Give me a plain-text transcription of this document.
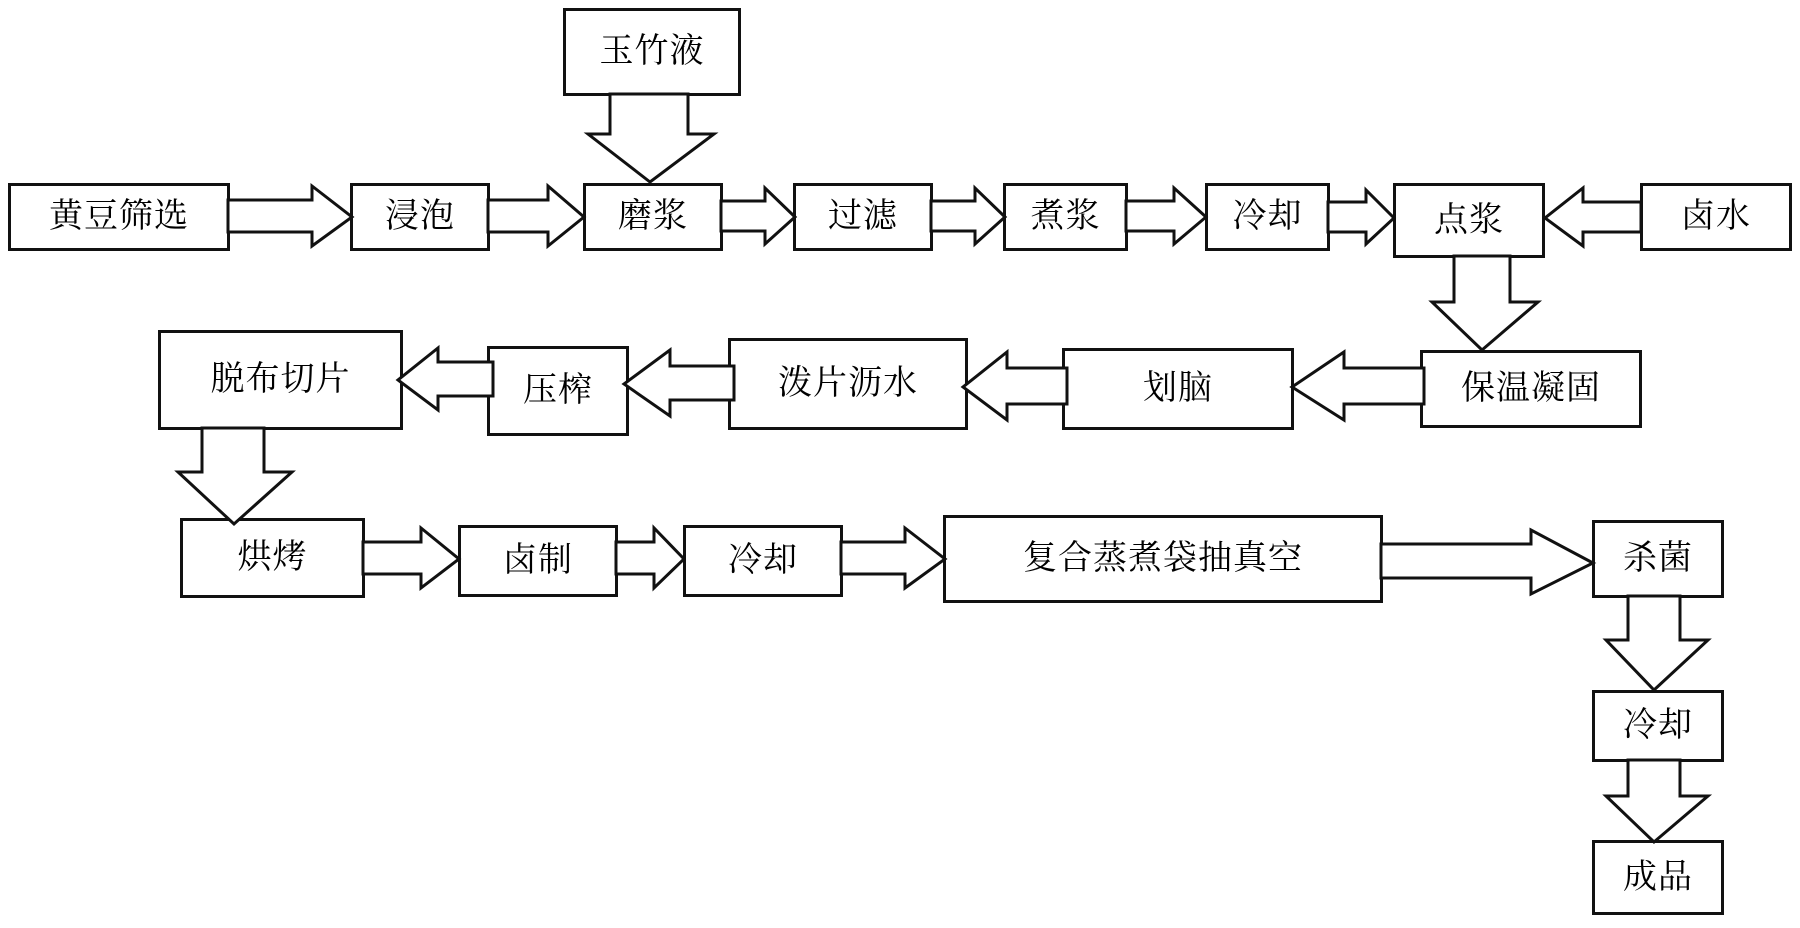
玉竹液
黄豆筛选	浸泡	磨浆	过滤	煮浆	冷却	点浆	卤水
保温凝固
划脑
泼片沥水
压榨
脱布切片
烘烤	卤制	冷却	复合蒸煮袋抽真空	杀菌
冷却
成品
